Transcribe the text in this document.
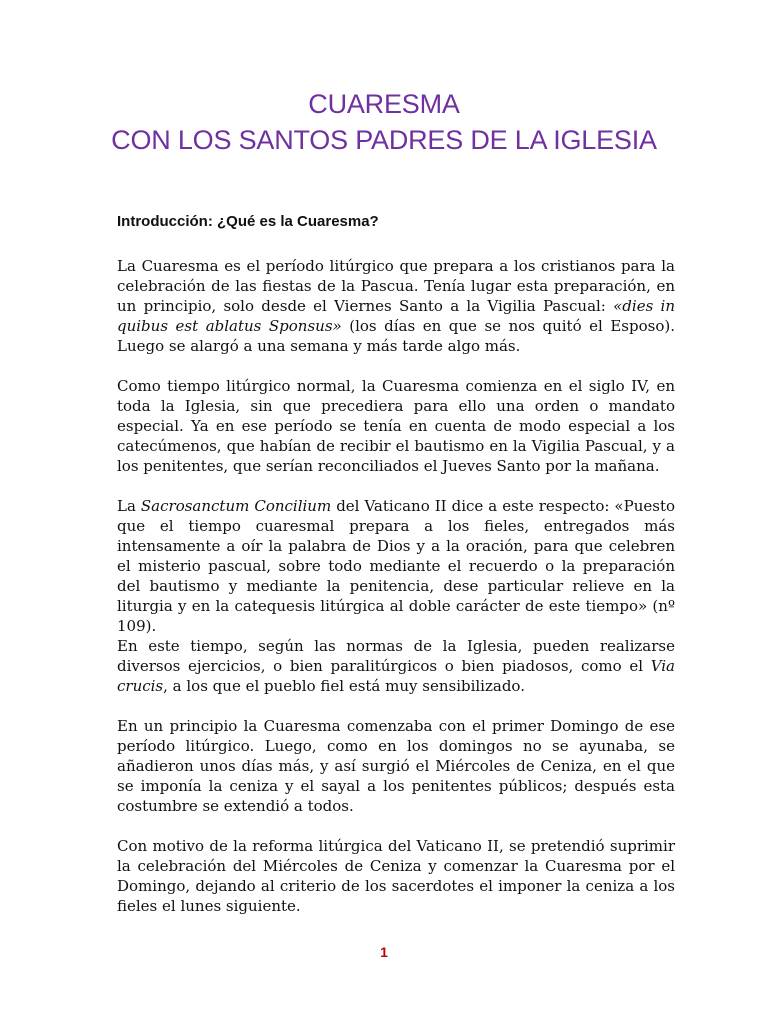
CUARESMA
CON LOS SANTOS PADRES DE LA IGLESIA
Introducción: ¿Qué es la Cuaresma?

La Cuaresma es el período litúrgico que prepara a los cristianos para la celebración de las fiestas de la Pascua. Tenía lugar esta preparación, en un principio, solo desde el Viernes Santo a la Vigilia Pascual: «dies in quibus est ablatus Sponsus» (los días en que se nos quitó el Esposo). Luego se alargó a una semana y más tarde algo más.

Como tiempo litúrgico normal, la Cuaresma comienza en el siglo IV, en toda la Iglesia, sin que precediera para ello una orden o mandato especial. Ya en ese período se tenía en cuenta de modo especial a los catecúmenos, que habían de recibir el bautismo en la Vigilia Pascual, y a los penitentes, que serían reconciliados el Jueves Santo por la mañana.

La Sacrosanctum Concilium del Vaticano II dice a este respecto: «Puesto que el tiempo cuaresmal prepara a los fieles, entregados más intensamente a oír la palabra de Dios y a la oración, para que celebren el misterio pascual, sobre todo mediante el recuerdo o la preparación del bautismo y mediante la penitencia, dese particular relieve en la liturgia y en la catequesis litúrgica al doble carácter de este tiempo» (nº 109).

En este tiempo, según las normas de la Iglesia, pueden realizarse diversos ejercicios, o bien paralitúrgicos o bien piadosos, como el Via crucis, a los que el pueblo fiel está muy sensibilizado.

En un principio la Cuaresma comenzaba con el primer Domingo de ese período litúrgico. Luego, como en los domingos no se ayunaba, se añadieron unos días más, y así surgió el Miércoles de Ceniza, en el que se imponía la ceniza y el sayal a los penitentes públicos; después esta costumbre se extendió a todos.

Con motivo de la reforma litúrgica del Vaticano II, se pretendió suprimir la celebración del Miércoles de Ceniza y comenzar la Cuaresma por el Domingo, dejando al criterio de los sacerdotes el imponer la ceniza a los fieles el lunes siguiente.

1
